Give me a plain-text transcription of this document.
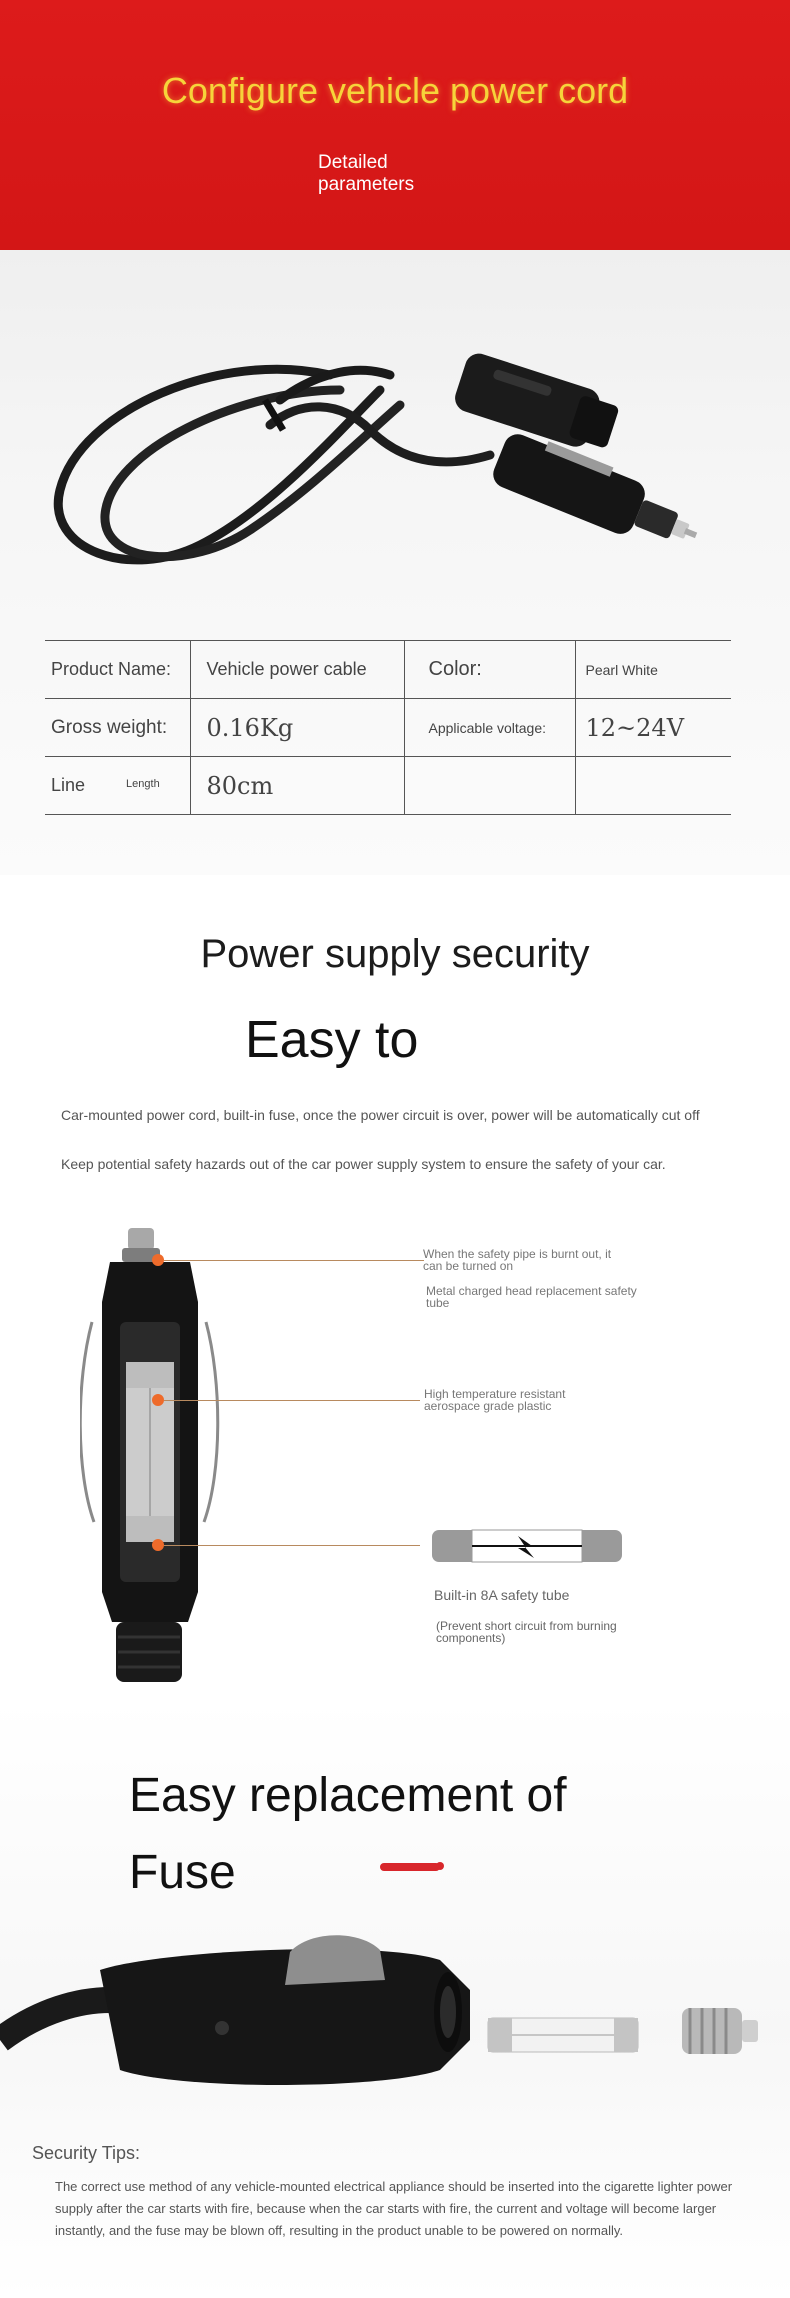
Configure vehicle power cord
Detailed parameters
Product Name:	Vehicle power cable	Color:	Pearl White
Gross weight:	0.16Kg	Applicable voltage:	12~24V
Line $^{Length}$	80cm		
Power supply security
Easy to
Car-mounted power cord, built-in fuse, once the power circuit is over, power will be automatically cut off
Keep potential safety hazards out of the car power supply system to ensure the safety of your car.
When the safety pipe is burnt out, it can be turned on
Metal charged head replacement safety tube
High temperature resistant aerospace grade plastic
Built-in 8A safety tube
(Prevent short circuit from burning components)
Easy replacement of
Fuse
Security Tips:
The correct use method of any vehicle-mounted electrical appliance should be inserted into the cigarette lighter power supply after the car starts with fire, because when the car starts with fire, the current and voltage will become larger instantly, and the fuse may be blown off, resulting in the product unable to be powered on normally.
